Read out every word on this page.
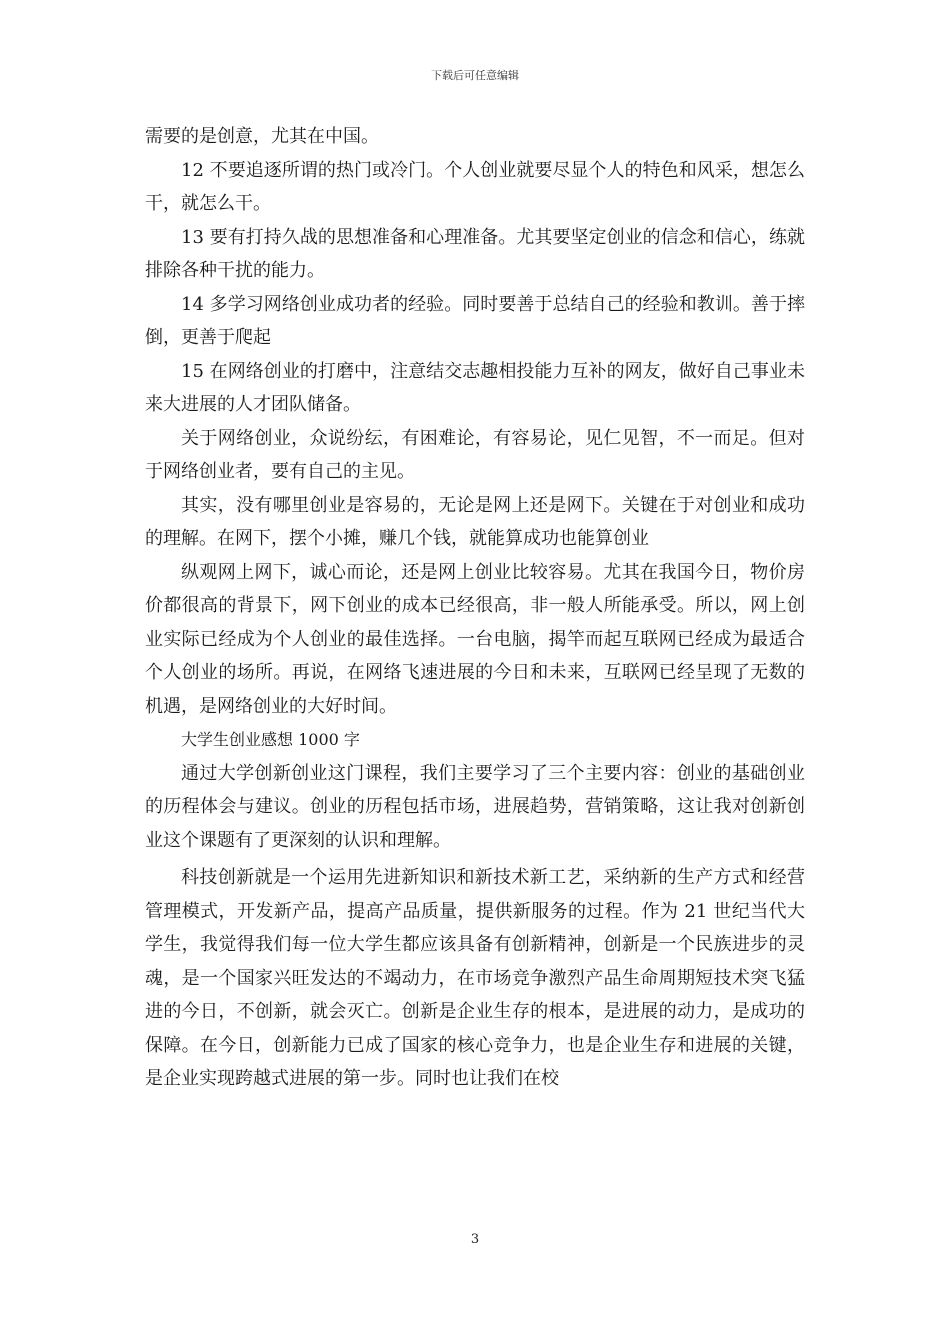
下载后可任意编辑

需要的是创意，尤其在中国。

12 不要追逐所谓的热门或冷门。个人创业就要尽显个人的特色和风采，想怎么干，就怎么干。

13 要有打持久战的思想准备和心理准备。尤其要坚定创业的信念和信心，练就排除各种干扰的能力。

14 多学习网络创业成功者的经验。同时要善于总结自己的经验和教训。善于摔倒，更善于爬起

15 在网络创业的打磨中，注意结交志趣相投能力互补的网友，做好自己事业未来大进展的人才团队储备。

关于网络创业，众说纷纭，有困难论，有容易论，见仁见智，不一而足。但对于网络创业者，要有自己的主见。

其实，没有哪里创业是容易的，无论是网上还是网下。关键在于对创业和成功的理解。在网下，摆个小摊，赚几个钱，就能算成功也能算创业

纵观网上网下，诚心而论，还是网上创业比较容易。尤其在我国今日，物价房价都很高的背景下，网下创业的成本已经很高，非一般人所能承受。所以，网上创业实际已经成为个人创业的最佳选择。一台电脑，揭竿而起互联网已经成为最适合个人创业的场所。再说，在网络飞速进展的今日和未来，互联网已经呈现了无数的机遇，是网络创业的大好时间。

大学生创业感想 1000 字

通过大学创新创业这门课程，我们主要学习了三个主要内容：创业的基础创业的历程体会与建议。创业的历程包括市场，进展趋势，营销策略，这让我对创新创业这个课题有了更深刻的认识和理解。

科技创新就是一个运用先进新知识和新技术新工艺，采纳新的生产方式和经营管理模式，开发新产品，提高产品质量，提供新服务的过程。作为 21 世纪当代大学生，我觉得我们每一位大学生都应该具备有创新精神，创新是一个民族进步的灵魂，是一个国家兴旺发达的不竭动力，在市场竞争激烈产品生命周期短技术突飞猛进的今日，不创新，就会灭亡。创新是企业生存的根本，是进展的动力，是成功的保障。在今日，创新能力已成了国家的核心竞争力，也是企业生存和进展的关键，是企业实现跨越式进展的第一步。同时也让我们在校

3
